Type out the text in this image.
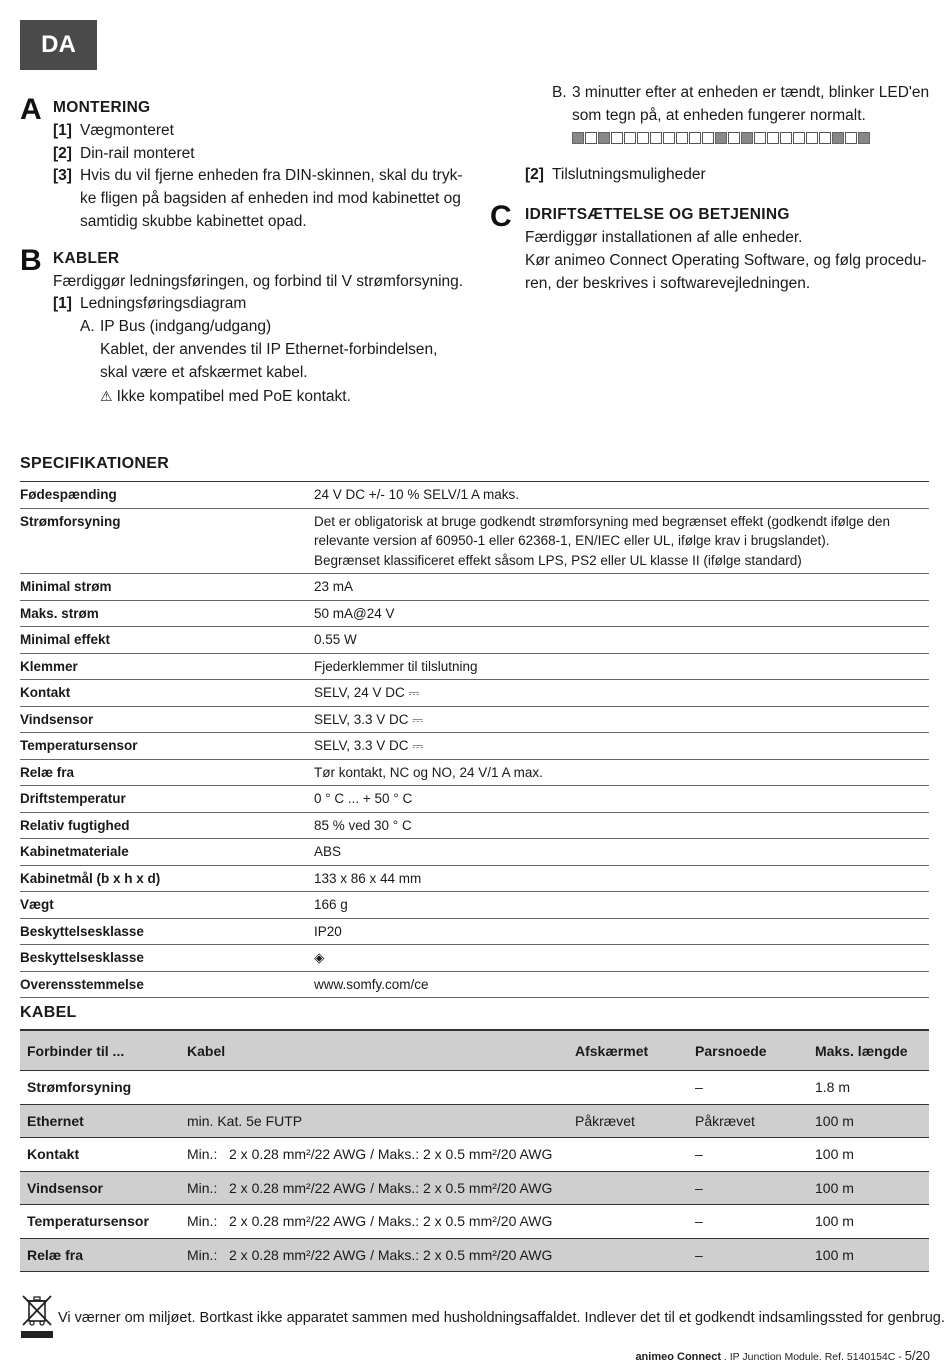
DA
A MONTERING
[1] Vægmonteret
[2] Din-rail monteret
[3] Hvis du vil fjerne enheden fra DIN-skinnen, skal du tryk-ke fligen på bagsiden af enheden ind mod kabinettet og samtidig skubbe kabinettet opad.
B KABLER
Færdiggør ledningsføringen, og forbind til V strømforsyning.
[1] Ledningsføringsdiagram
A. IP Bus (indgang/udgang)
Kablet, der anvendes til IP Ethernet-forbindelsen,
skal være et afskærmet kabel.
⚠ Ikke kompatibel med PoE kontakt.
B. 3 minutter efter at enheden er tændt, blinker LED'en som tegn på, at enheden fungerer normalt.
[2] Tilslutningsmuligheder
C IDRIFTSÆTTELSE OG BETJENING
Færdiggør installationen af alle enheder.
Kør animeo Connect Operating Software, og følg procedu-ren, der beskrives i softwarevejledningen.
SPECIFIKATIONER
Fødespænding	24 V DC +/- 10 % SELV/1 A maks.
Strømforsyning	Det er obligatorisk at bruge godkendt strømforsyning med begrænset effekt (godkendt ifølge den relevante version af 60950-1 eller 62368-1, EN/IEC eller UL, ifølge krav i brugslandet).
Begrænset klassificeret effekt såsom LPS, PS2 eller UL klasse II (ifølge standard)
Minimal strøm	23 mA
Maks. strøm	50 mA@24 V
Minimal effekt	0.55 W
Klemmer	Fjederklemmer til tilslutning
Kontakt	SELV, 24 V DC ⎓
Vindsensor	SELV, 3.3 V DC ⎓
Temperatursensor	SELV, 3.3 V DC ⎓
Relæ fra	Tør kontakt, NC og NO, 24 V/1 A max.
Driftstemperatur	0 ° C ... + 50 ° C
Relativ fugtighed	85 % ved 30 ° C
Kabinetmateriale	ABS
Kabinetmål (b x h x d)	133 x 86 x 44 mm
Vægt	166 g
Beskyttelsesklasse	IP20
Beskyttelsesklasse	◈
Overensstemmelse	www.somfy.com/ce
KABEL
Forbinder til ...	Kabel	Afskærmet	Parsnoede	Maks. længde
Strømforsyning			–	1.8 m
Ethernet	min. Kat. 5e FUTP	Påkrævet	Påkrævet	100 m
Kontakt	Min.:   2 x 0.28 mm²/22 AWG / Maks.: 2 x 0.5 mm²/20 AWG		–	100 m
Vindsensor	Min.:   2 x 0.28 mm²/22 AWG / Maks.: 2 x 0.5 mm²/20 AWG		–	100 m
Temperatursensor	Min.:   2 x 0.28 mm²/22 AWG / Maks.: 2 x 0.5 mm²/20 AWG		–	100 m
Relæ fra	Min.:   2 x 0.28 mm²/22 AWG / Maks.: 2 x 0.5 mm²/20 AWG		–	100 m
Vi værner om miljøet. Bortkast ikke apparatet sammen med husholdningsaffaldet. Indlever det til et godkendt indsamlingssted for genbrug.
animeo Connect . IP Junction Module. Ref. 5140154C - 5/20
